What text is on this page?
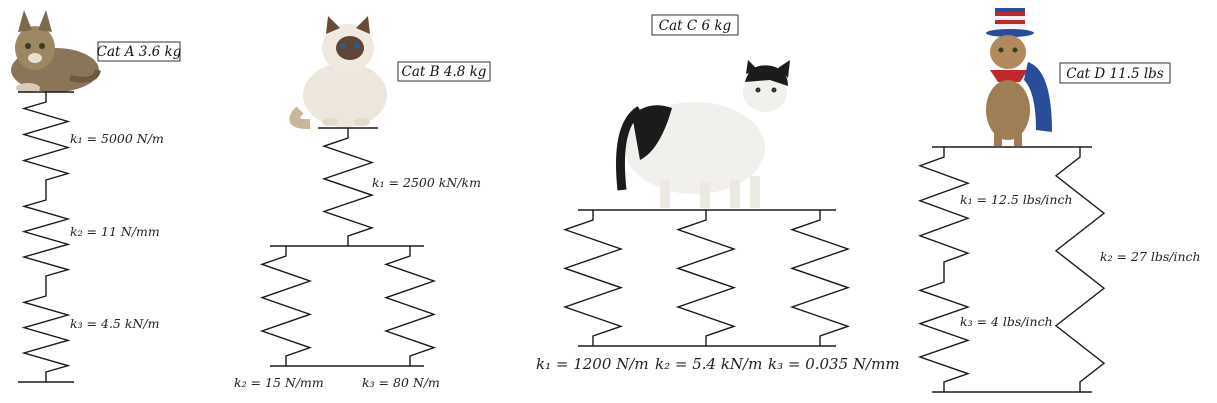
Cat A 3.6 kg
k₁ = 5000 N/m
k₂ = 11 N/mm
k₃ = 4.5 kN/m
Cat B 4.8 kg
k₁ = 2500 kN/km
k₂ = 15 N/mm	k₃ = 80 N/m
Cat C 6 kg
k₁ = 1200 N/m k₂ = 5.4 kN/m k₃ = 0.035 N/mm
Cat D 11.5 lbs
k₁ = 12.5 lbs/inch
k₂ = 27 lbs/inch
k₃ = 4 lbs/inch
